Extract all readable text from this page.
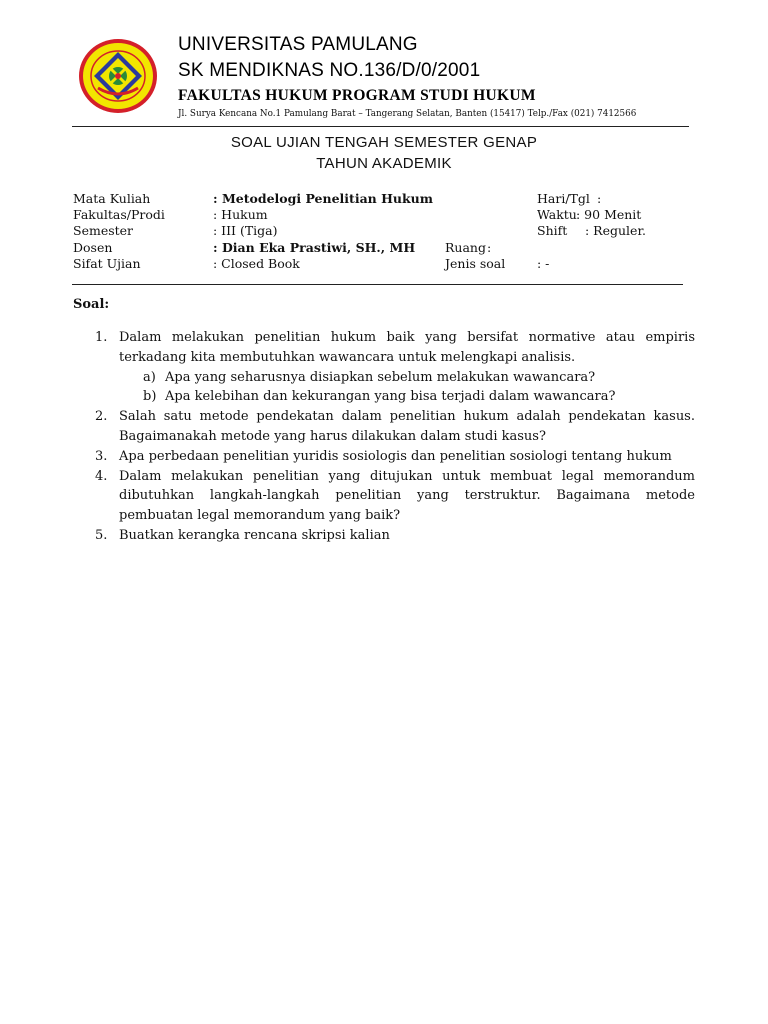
UNIVERSITAS PAMULANG
SK MENDIKNAS NO.136/D/0/2001
FAKULTAS HUKUM PROGRAM STUDI HUKUM
Jl. Surya Kencana No.1 Pamulang Barat – Tangerang Selatan, Banten (15417) Telp./Fax (021) 7412566
SOAL UJIAN TENGAH SEMESTER GENAP
TAHUN AKADEMIK
Mata Kuliah	: Metodelogi Penelitian Hukum	Hari/Tgl :
Fakultas/Prodi	: Hukum	Waktu : 90 Menit
Semester	: III (Tiga)	Shift : Reguler.
Dosen	: Dian Eka Prastiwi, SH., MH Ruang :
Sifat Ujian	: Closed Book	Jenis soal	: -
Soal:
1. Dalam melakukan penelitian hukum baik yang bersifat normative atau empiris terkadang kita membutuhkan wawancara untuk melengkapi analisis.
a) Apa yang seharusnya disiapkan sebelum melakukan wawancara?
b) Apa kelebihan dan kekurangan yang bisa terjadi dalam wawancara?
2. Salah satu metode pendekatan dalam penelitian hukum adalah pendekatan kasus. Bagaimanakah metode yang harus dilakukan dalam studi kasus?
3. Apa perbedaan penelitian yuridis sosiologis dan penelitian sosiologi tentang hukum
4. Dalam melakukan penelitian yang ditujukan untuk membuat legal memorandum dibutuhkan langkah-langkah penelitian yang terstruktur. Bagaimana metode pembuatan legal memorandum yang baik?
5. Buatkan kerangka rencana skripsi kalian
